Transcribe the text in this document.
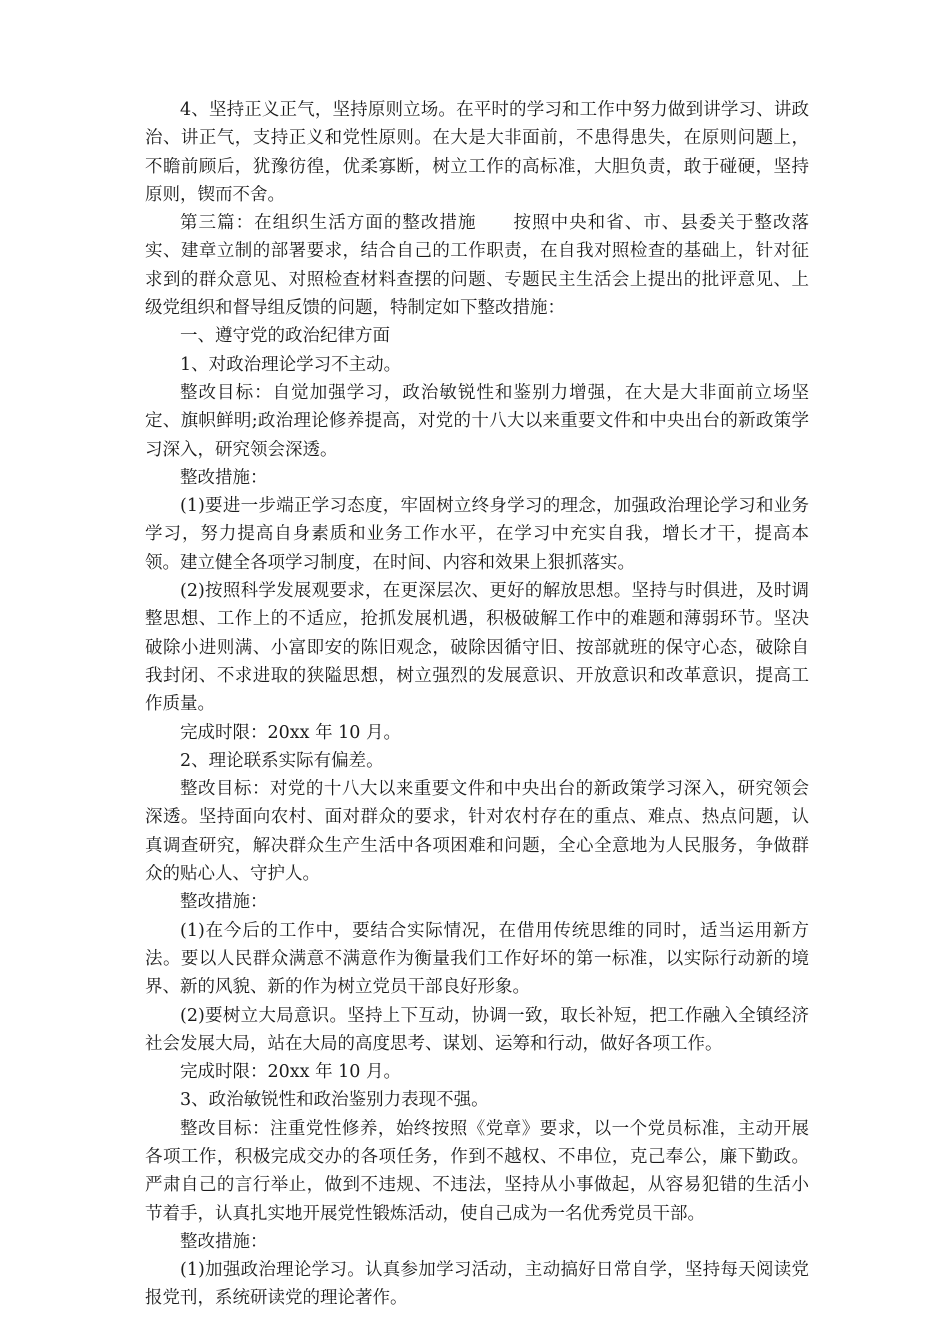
4、坚持正义正气，坚持原则立场。在平时的学习和工作中努力做到讲学习、讲政治、讲正气，支持正义和党性原则。在大是大非面前，不患得患失，在原则问题上，不瞻前顾后，犹豫彷徨，优柔寡断，树立工作的高标准，大胆负责，敢于碰硬，坚持原则，锲而不舍。

第三篇：在组织生活方面的整改措施　　按照中央和省、市、县委关于整改落实、建章立制的部署要求，结合自己的工作职责，在自我对照检查的基础上，针对征求到的群众意见、对照检查材料查摆的问题、专题民主生活会上提出的批评意见、上级党组织和督导组反馈的问题，特制定如下整改措施：

一、遵守党的政治纪律方面

1、对政治理论学习不主动。

整改目标：自觉加强学习，政治敏锐性和鉴别力增强，在大是大非面前立场坚定、旗帜鲜明;政治理论修养提高，对党的十八大以来重要文件和中央出台的新政策学习深入，研究领会深透。

整改措施：

(1)要进一步端正学习态度，牢固树立终身学习的理念，加强政治理论学习和业务学习，努力提高自身素质和业务工作水平，在学习中充实自我，增长才干，提高本领。建立健全各项学习制度，在时间、内容和效果上狠抓落实。

(2)按照科学发展观要求，在更深层次、更好的解放思想。坚持与时俱进，及时调整思想、工作上的不适应，抢抓发展机遇，积极破解工作中的难题和薄弱环节。坚决破除小进则满、小富即安的陈旧观念，破除因循守旧、按部就班的保守心态，破除自我封闭、不求进取的狭隘思想，树立强烈的发展意识、开放意识和改革意识，提高工作质量。

完成时限：20xx 年 10 月。

2、理论联系实际有偏差。

整改目标：对党的十八大以来重要文件和中央出台的新政策学习深入，研究领会深透。坚持面向农村、面对群众的要求，针对农村存在的重点、难点、热点问题，认真调查研究，解决群众生产生活中各项困难和问题，全心全意地为人民服务，争做群众的贴心人、守护人。

整改措施：

(1)在今后的工作中，要结合实际情况，在借用传统思维的同时，适当运用新方法。要以人民群众满意不满意作为衡量我们工作好坏的第一标准，以实际行动新的境界、新的风貌、新的作为树立党员干部良好形象。

(2)要树立大局意识。坚持上下互动，协调一致，取长补短，把工作融入全镇经济社会发展大局，站在大局的高度思考、谋划、运筹和行动，做好各项工作。

完成时限：20xx 年 10 月。

3、政治敏锐性和政治鉴别力表现不强。

整改目标：注重党性修养，始终按照《党章》要求，以一个党员标准，主动开展各项工作，积极完成交办的各项任务，作到不越权、不串位，克己奉公，廉下勤政。严肃自己的言行举止，做到不违规、不违法，坚持从小事做起，从容易犯错的生活小节着手，认真扎实地开展党性锻炼活动，使自己成为一名优秀党员干部。

整改措施：

(1)加强政治理论学习。认真参加学习活动，主动搞好日常自学，坚持每天阅读党报党刊，系统研读党的理论著作。
